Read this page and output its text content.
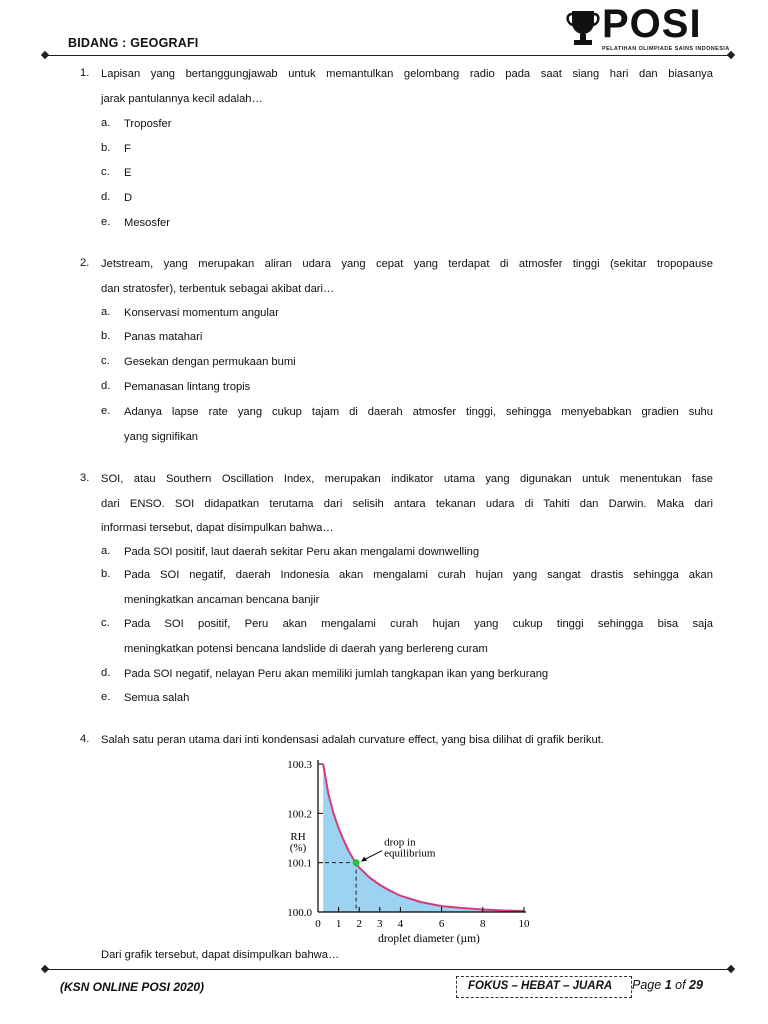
BIDANG : GEOGRAFI	POSI
PELATIHAN OLIMPIADE SAINS INDONESIA
1. Lapisan yang bertanggungjawab untuk memantulkan gelombang radio pada saat siang hari dan biasanya
jarak pantulannya kecil adalah…
a. Troposfer
b. F
c. E
d. D
e. Mesosfer
2. Jetstream, yang merupakan aliran udara yang cepat yang terdapat di atmosfer tinggi (sekitar tropopause
dan stratosfer), terbentuk sebagai akibat dari…
a. Konservasi momentum angular
b. Panas matahari
c. Gesekan dengan permukaan bumi
d. Pemanasan lintang tropis
e. Adanya lapse rate yang cukup tajam di daerah atmosfer tinggi, sehingga menyebabkan gradien suhu
yang signifikan
3. SOI, atau Southern Oscillation Index, merupakan indikator utama yang digunakan untuk menentukan fase
dari ENSO. SOI didapatkan terutama dari selisih antara tekanan udara di Tahiti dan Darwin. Maka dari
informasi tersebut, dapat disimpulkan bahwa…
a. Pada SOI positif, laut daerah sekitar Peru akan mengalami downwelling
b. Pada SOI negatif, daerah Indonesia akan mengalami curah hujan yang sangat drastis sehingga akan
meningkatkan ancaman bencana banjir
c. Pada SOI positif, Peru akan mengalami curah hujan yang cukup tinggi sehingga bisa saja
meningkatkan potensi bencana landslide di daerah yang berlereng curam
d. Pada SOI negatif, nelayan Peru akan memiliki jumlah tangkapan ikan yang berkurang
e. Semua salah
4. Salah satu peran utama dari inti kondensasi adalah curvature effect, yang bisa dilihat di grafik berikut.
Dari grafik tersebut, dapat disimpulkan bahwa…
100.0
100.1
100.2
100.3
0 1 2 3 4	6	8	10
RH
(%)
droplet diameter (µm)
drop in
equilibrium
(KSN ONLINE POSI 2020)	FOKUS – HEBAT – JUARA Page 1 of 29
